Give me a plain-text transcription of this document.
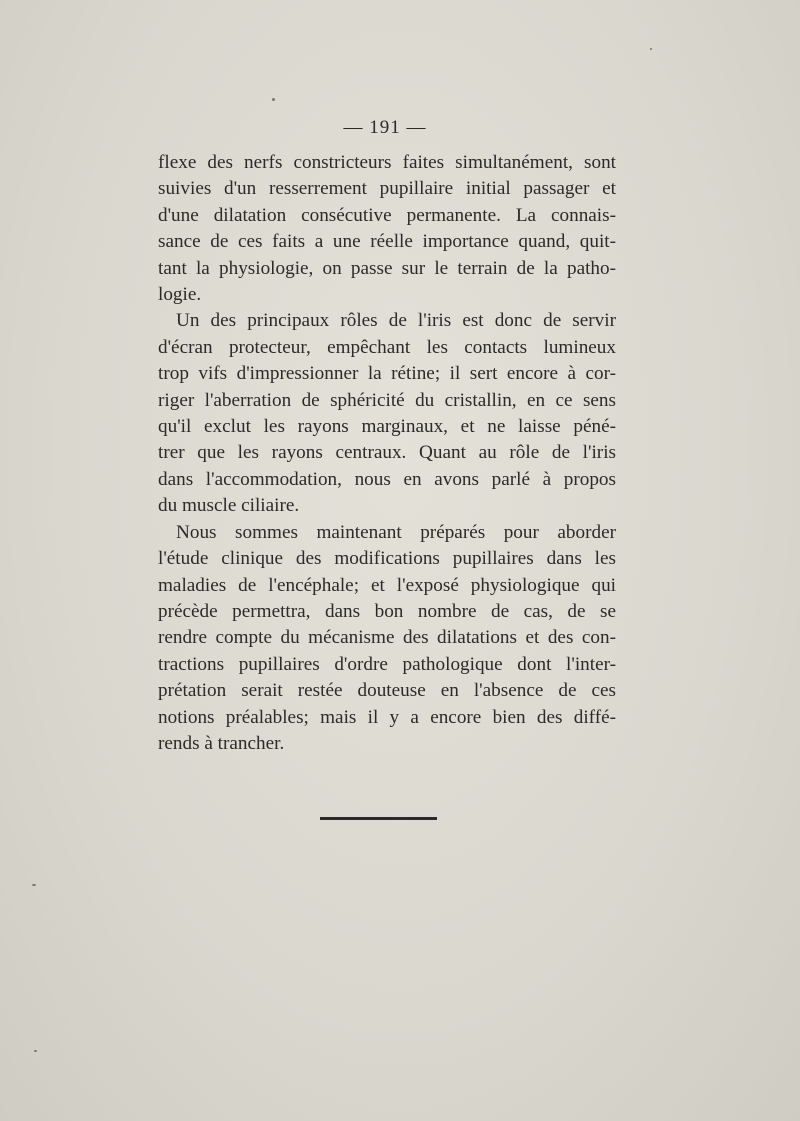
— 191 —

flexe des nerfs constricteurs faites simultanément, sont
suivies d'un resserrement pupillaire initial passager et
d'une dilatation consécutive permanente. La connais-
sance de ces faits a une réelle importance quand, quit-
tant la physiologie, on passe sur le terrain de la patho-
logie.

Un des principaux rôles de l'iris est donc de servir
d'écran protecteur, empêchant les contacts lumineux
trop vifs d'impressionner la rétine; il sert encore à cor-
riger l'aberration de sphéricité du cristallin, en ce sens
qu'il exclut les rayons marginaux, et ne laisse péné-
trer que les rayons centraux. Quant au rôle de l'iris
dans l'accommodation, nous en avons parlé à propos
du muscle ciliaire.

Nous sommes maintenant préparés pour aborder
l'étude clinique des modifications pupillaires dans les
maladies de l'encéphale; et l'exposé physiologique qui
précède permettra, dans bon nombre de cas, de se
rendre compte du mécanisme des dilatations et des con-
tractions pupillaires d'ordre pathologique dont l'inter-
prétation serait restée douteuse en l'absence de ces
notions préalables; mais il y a encore bien des diffé-
rends à trancher.
